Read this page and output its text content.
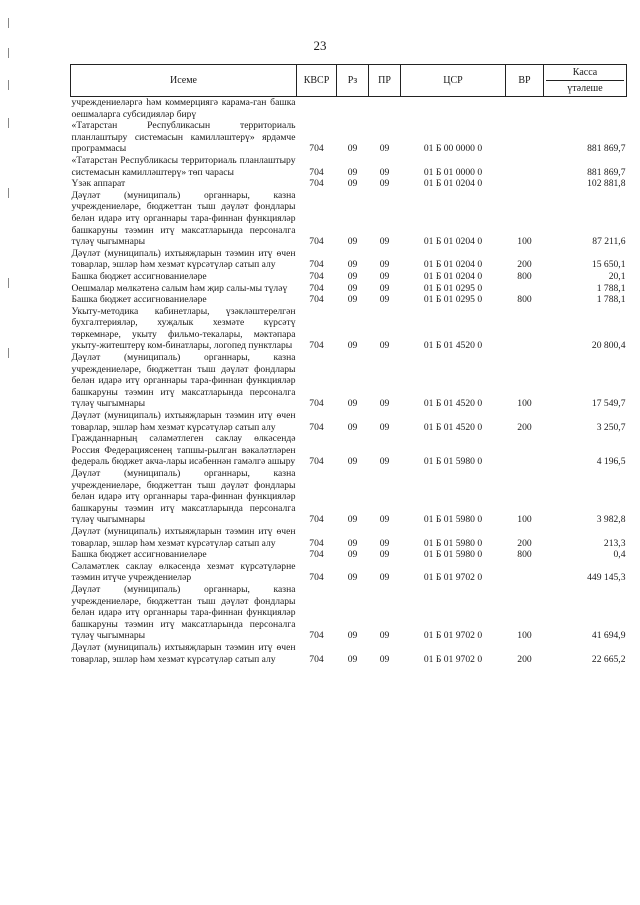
23
Исеме	КВСР	Рз	ПР	ЦСР	ВР	Касса
үтәлеше

учреждениеләргә һәм коммерциягә карама-ган башка оешмаларга субсидияләр бирү						
«Татарстан Республикасын территориаль планлаштыру системасын камилләштерү» ярдәмче программасы	704	09	09	01 Б 00 0000 0		881 869,7
«Татарстан Республикасы территориаль планлаштыру системасын камилләштерү» төп чарасы	704	09	09	01 Б 01 0000 0		881 869,7
Үзәк аппарат	704	09	09	01 Б 01 0204 0		102 881,8
Дәүләт (муниципаль) органнары, казна учреждениеләре, бюджеттан тыш дәүләт фондлары белән идарә итү органнары тара-финнан функцияләр башкаруны тәэмин итү максатларында персоналга түләү чыгымнары	704	09	09	01 Б 01 0204 0	100	87 211,6
Дәүләт (муниципаль) ихтыяҗларын тәэмин итү өчен товарлар, эшләр һәм хезмәт күрсәтүләр сатып алу	704	09	09	01 Б 01 0204 0	200	15 650,1
Башка бюджет ассигнованиеләре	704	09	09	01 Б 01 0204 0	800	20,1
Оешмалар мөлкәтенә салым һәм җир салы-мы түләү	704	09	09	01 Б 01 0295 0		1 788,1
Башка бюджет ассигнованиеләре	704	09	09	01 Б 01 0295 0	800	1 788,1
Укыту-методика кабинетлары, үзәкләштерелгән бухгалтерияләр, хуҗалык хезмәте күрсәтү төркемнәре, укыту фильмо-текалары, мәктәпара укыту-житештерү ком-бинатлары, логопед пунктлары	704	09	09	01 Б 01 4520 0		20 800,4
Дәүләт (муниципаль) органнары, казна учреждениеләре, бюджеттан тыш дәүләт фондлары белән идарә итү органнары тара-финнан функцияләр башкаруны тәэмин итү максатларында персоналга түләү чыгымнары	704	09	09	01 Б 01 4520 0	100	17 549,7
Дәүләт (муниципаль) ихтыяҗларын тәэмин итү өчен товарлар, эшләр һәм хезмәт күрсәтүләр сатып алу	704	09	09	01 Б 01 4520 0	200	3 250,7
Гражданнарның сәламәтлеген саклау өлкәсендә Россия Федерациясенең тапшы-рылган вәкаләтләрен федераль бюджет акча-лары исәбеннән гамәлгә ашыру	704	09	09	01 Б 01 5980 0		4 196,5
Дәүләт (муниципаль) органнары, казна учреждениеләре, бюджеттан тыш дәүләт фондлары белән идарә итү органнары тара-финнан функцияләр башкаруны тәэмин итү максатларында персоналга түләү чыгымнары	704	09	09	01 Б 01 5980 0	100	3 982,8
Дәүләт (муниципаль) ихтыяҗларын тәэмин итү өчен товарлар, эшләр һәм хезмәт күрсәтүләр сатып алу	704	09	09	01 Б 01 5980 0	200	213,3
Башка бюджет ассигнованиеләре	704	09	09	01 Б 01 5980 0	800	0,4
Сәламәтлек саклау өлкәсендә хезмәт күрсәтүләрне тәэмин итүче учреждениеләр	704	09	09	01 Б 01 9702 0		449 145,3
Дәүләт (муниципаль) органнары, казна учреждениеләре, бюджеттан тыш дәүләт фондлары белән идарә итү органнары тара-финнан функцияләр башкаруны тәэмин итү максатларында персоналга түләү чыгымнары	704	09	09	01 Б 01 9702 0	100	41 694,9
Дәүләт (муниципаль) ихтыяҗларын тәэмин итү өчен товарлар, эшләр һәм хезмәт күрсәтүләр сатып алу	704	09	09	01 Б 01 9702 0	200	22 665,2
